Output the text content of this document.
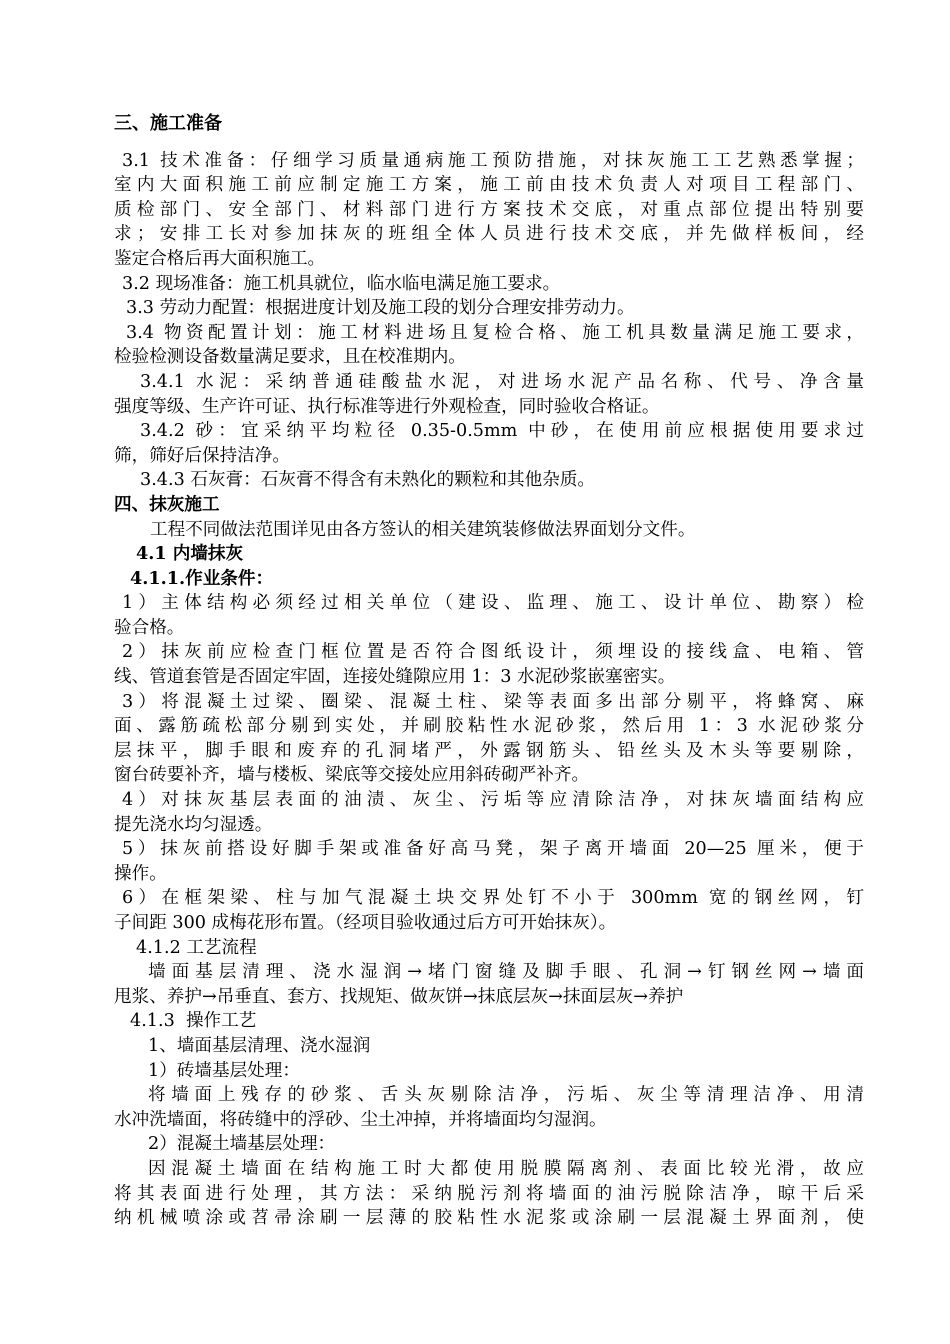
三、施工准备
3.1 技术准备：仔细学习质量通病施工预防措施，对抹灰施工工艺熟悉掌握；
室内大面积施工前应制定施工方案，施工前由技术负责人对项目工程部门、
质检部门、安全部门、材料部门进行方案技术交底，对重点部位提出特别要
求；安排工长对参加抹灰的班组全体人员进行技术交底，并先做样板间，经
鉴定合格后再大面积施工。
3.2 现场准备：施工机具就位，临水临电满足施工要求。
3.3 劳动力配置：根据进度计划及施工段的划分合理安排劳动力。
3.4 物资配置计划：施工材料进场且复检合格、施工机具数量满足施工要求，
检验检测设备数量满足要求，且在校准期内。
3.4.1 水泥：采纳普通硅酸盐水泥，对进场水泥产品名称、代号、净含量
强度等级、生产许可证、执行标准等进行外观检查，同时验收合格证。
3.4.2 砂：宜采纳平均粒径 0.35-0.5mm 中砂，在使用前应根据使用要求过
筛，筛好后保持洁净。
3.4.3 石灰膏：石灰膏不得含有未熟化的颗粒和其他杂质。
四、抹灰施工
工程不同做法范围详见由各方签认的相关建筑装修做法界面划分文件。
4.1 内墙抹灰
4.1.1.作业条件：
1）主体结构必须经过相关单位（建设、监理、施工、设计单位、勘察）检
验合格。
2）抹灰前应检查门框位置是否符合图纸设计，须埋设的接线盒、电箱、管
线、管道套管是否固定牢固，连接处缝隙应用 1：3 水泥砂浆嵌塞密实。
3）将混凝土过梁、圈梁、混凝土柱、梁等表面多出部分剔平，将蜂窝、麻
面、露筋疏松部分剔到实处，并刷胶粘性水泥砂浆，然后用 1：3 水泥砂浆分
层抹平，脚手眼和废弃的孔洞堵严，外露钢筋头、铅丝头及木头等要剔除，
窗台砖要补齐，墙与楼板、梁底等交接处应用斜砖砌严补齐。
4）对抹灰基层表面的油渍、灰尘、污垢等应清除洁净，对抹灰墙面结构应
提先浇水均匀湿透。
5）抹灰前搭设好脚手架或准备好高马凳，架子离开墙面 20—25 厘米，便于
操作。
6）在框架梁、柱与加气混凝土块交界处钉不小于 300mm 宽的钢丝网，钉
子间距 300 成梅花形布置。（经项目验收通过后方可开始抹灰）。
4.1.2 工艺流程
墙面基层清理、浇水湿润→堵门窗缝及脚手眼、孔洞→钉钢丝网→墙面
甩浆、养护→吊垂直、套方、找规矩、做灰饼→抹底层灰→抹面层灰→养护
4.1.3  操作工艺
1、墙面基层清理、浇水湿润
1）砖墙基层处理：
将墙面上残存的砂浆、舌头灰剔除洁净，污垢、灰尘等清理洁净、用清
水冲洗墙面，将砖缝中的浮砂、尘土冲掉，并将墙面均匀湿润。
2）混凝土墙基层处理：
因混凝土墙面在结构施工时大都使用脱膜隔离剂、表面比较光滑，故应
将其表面进行处理，其方法：采纳脱污剂将墙面的油污脱除洁净，晾干后采
纳机械喷涂或苕帚涂刷一层薄的胶粘性水泥浆或涂刷一层混凝土界面剂，使
